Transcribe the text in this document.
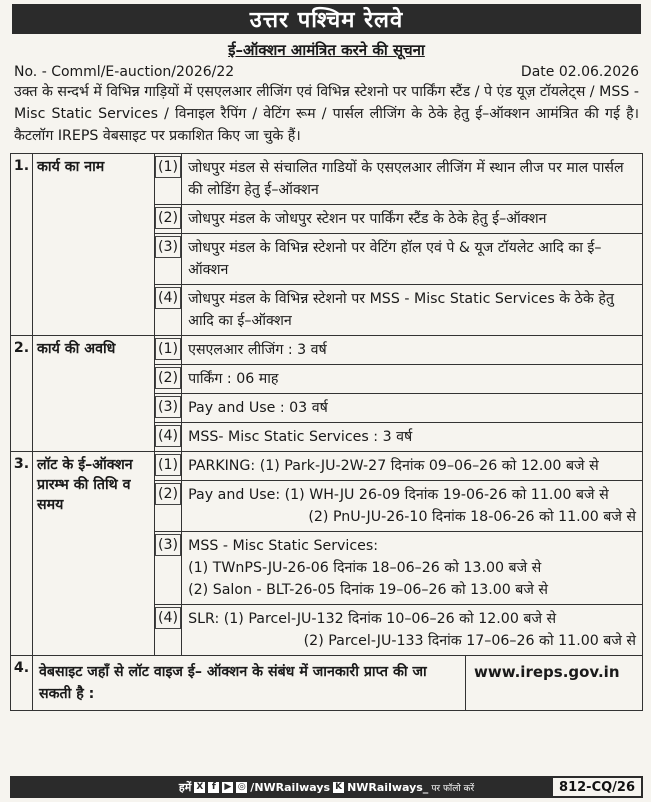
उत्तर पश्चिम रेलवे
ई–ऑक्शन आमंत्रित करने की सूचना
No. - Comml/E-auction/2026/22	Date 02.06.2026

उक्त के सन्दर्भ में विभिन्न गाड़ियों में एसएलआर लीजिंग एवं विभिन्न स्टेशनो पर पार्किंग स्टैंड / पे एंड यूज़ टॉयलेट्स / MSS - Misc Static Services / विनाइल रैपिंग / वेटिंग रूम / पार्सल लीजिंग के ठेके हेतु ई–ऑक्शन आमंत्रित की गई है। कैटलॉग IREPS वेबसाइट पर प्रकाशित किए जा चुके हैं।

1.	कार्य का नाम	(1)	जोधपुर मंडल से संचालित गाडियों के एसएलआर लीजिंग में स्थान लीज पर माल पार्सल की लोडिंग हेतु ई–ऑक्शन

		(2)	जोधपुर मंडल के जोधपुर स्टेशन पर पार्किंग स्टैंड के ठेके हेतु ई–ऑक्शन

		(3)	जोधपुर मंडल के विभिन्न स्टेशनो पर वेटिंग हॉल एवं पे & यूज टॉयलेट आदि का ई–ऑक्शन

		(4)	जोधपुर मंडल के विभिन्न स्टेशनो पर MSS - Misc Static Services के ठेके हेतु आदि का ई–ऑक्शन

2.	कार्य की अवधि	(1)	एसएलआर लीजिंग : 3 वर्ष

		(2)	पार्किंग : 06 माह

		(3)	Pay and Use : 03 वर्ष

		(4)	MSS- Misc Static Services : 3 वर्ष

3.	लॉट के ई–ऑक्शन प्रारम्भ की तिथि व समय	(1)	PARKING: (1) Park-JU-2W-27 दिनांक 09–06–26 को 12.00 बजे से

		(2)	Pay and Use: (1) WH-JU 26-09 दिनांक 19-06-26 को 11.00 बजे से
(2) PnU-JU-26-10 दिनांक 18-06-26 को 11.00 बजे से

		(3)	MSS - Misc Static Services:
(1) TWnPS-JU-26-06 दिनांक 18–06–26 को 13.00 बजे से
(2) Salon - BLT-26-05 दिनांक 19–06–26 को 13.00 बजे से

		(4)	SLR: (1) Parcel-JU-132 दिनांक 10–06–26 को 12.00 बजे से
(2) Parcel-JU-133 दिनांक 17–06–26 को 11.00 बजे से

4.	वेबसाइट जहाँ से लॉट वाइज ई– ऑक्शन के संबंध में जानकारी प्राप्त की जा सकती है :
www.ireps.gov.in		
हमें X f ▶ ◎ /NWRailways K NWRailways_ पर फॉलो करें	812-CQ/26
